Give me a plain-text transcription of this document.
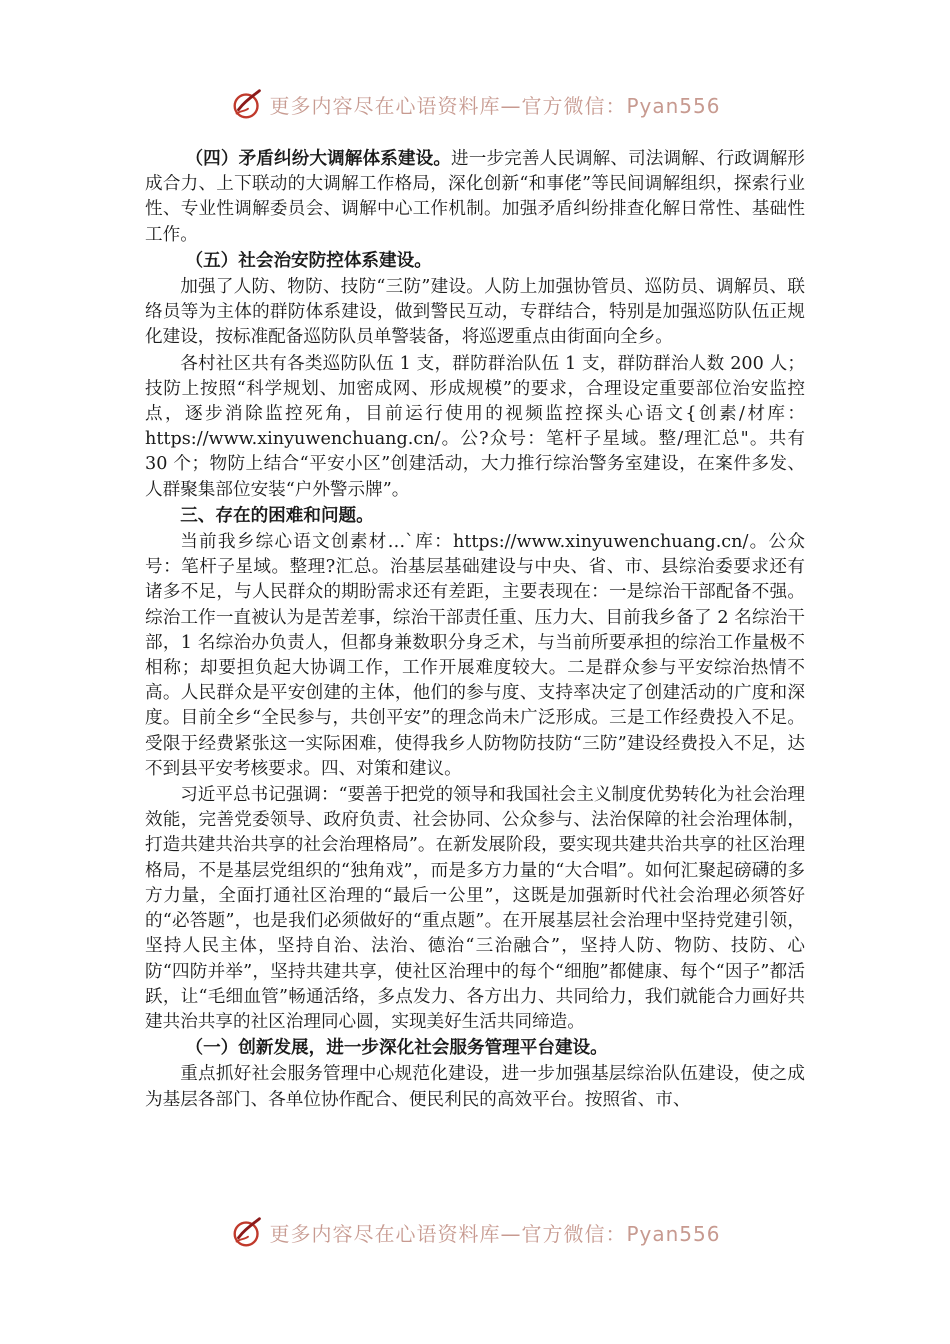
更多内容尽在心语资料库—官方微信：Pyan556

（四）矛盾纠纷大调解体系建设。进一步完善人民调解、司法调解、行政调解形成合力、上下联动的大调解工作格局，深化创新“和事佬”等民间调解组织，探索行业性、专业性调解委员会、调解中心工作机制。加强矛盾纠纷排查化解日常性、基础性工作。

（五）社会治安防控体系建设。

加强了人防、物防、技防“三防”建设。人防上加强协管员、巡防员、调解员、联络员等为主体的群防体系建设，做到警民互动，专群结合，特别是加强巡防队伍正规化建设，按标准配备巡防队员单警装备，将巡逻重点由街面向全乡。

各村社区共有各类巡防队伍 1 支，群防群治队伍 1 支，群防群治人数 200 人；技防上按照“科学规划、加密成网、形成规模”的要求，合理设定重要部位治安监控点，逐步消除监控死角，目前运行使用的视频监控探头心语文{创素/材库：https://www.xinyuwenchuang.cn/。公?众号：笔杆子星域。整/理汇总"。共有 30 个；物防上结合“平安小区”创建活动，大力推行综治警务室建设，在案件多发、人群聚集部位安装“户外警示牌”。

三、存在的困难和问题。

当前我乡综心语文创素材…`库：https://www.xinyuwenchuang.cn/。公众号：笔杆子星域。整理?汇总。治基层基础建设与中央、省、市、县综治委要求还有诸多不足，与人民群众的期盼需求还有差距，主要表现在：一是综治干部配备不强。综治工作一直被认为是苦差事，综治干部责任重、压力大、目前我乡备了 2 名综治干部，1 名综治办负责人，但都身兼数职分身乏术，与当前所要承担的综治工作量极不相称；却要担负起大协调工作，工作开展难度较大。二是群众参与平安综治热情不高。人民群众是平安创建的主体，他们的参与度、支持率决定了创建活动的广度和深度。目前全乡“全民参与，共创平安”的理念尚未广泛形成。三是工作经费投入不足。受限于经费紧张这一实际困难，使得我乡人防物防技防“三防”建设经费投入不足，达不到县平安考核要求。四、对策和建议。

习近平总书记强调：“要善于把党的领导和我国社会主义制度优势转化为社会治理效能，完善党委领导、政府负责、社会协同、公众参与、法治保障的社会治理体制，打造共建共治共享的社会治理格局”。在新发展阶段，要实现共建共治共享的社区治理格局，不是基层党组织的“独角戏”，而是多方力量的“大合唱”。如何汇聚起磅礴的多方力量，全面打通社区治理的“最后一公里”，这既是加强新时代社会治理必须答好的“必答题”，也是我们必须做好的“重点题”。在开展基层社会治理中坚持党建引领，坚持人民主体，坚持自治、法治、德治“三治融合”，坚持人防、物防、技防、心防“四防并举”，坚持共建共享，使社区治理中的每个“细胞”都健康、每个“因子”都活跃，让“毛细血管”畅通活络，多点发力、各方出力、共同给力，我们就能合力画好共建共治共享的社区治理同心圆，实现美好生活共同缔造。

（一）创新发展，进一步深化社会服务管理平台建设。

重点抓好社会服务管理中心规范化建设，进一步加强基层综治队伍建设，使之成为基层各部门、各单位协作配合、便民利民的高效平台。按照省、市、

更多内容尽在心语资料库—官方微信：Pyan556
